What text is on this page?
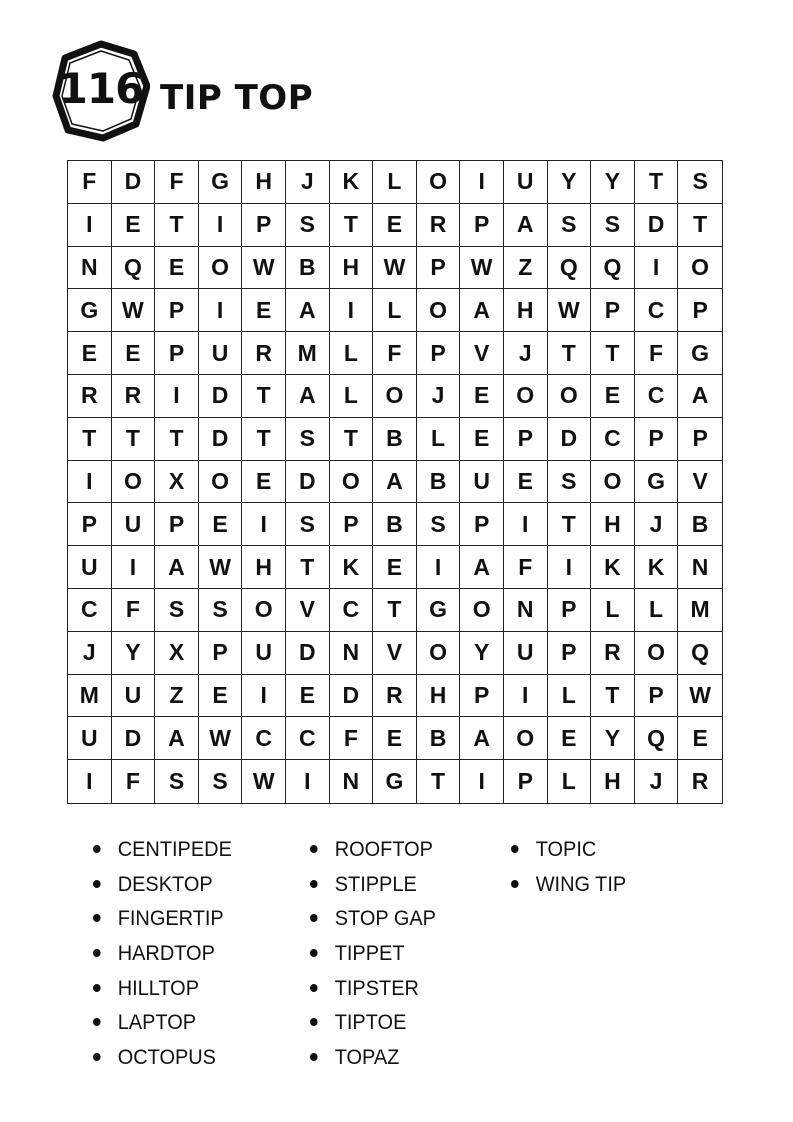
116 TIP TOP
F	D	F	G	H	J	K	L	O	I	U	Y	Y	T	S
I	E	T	I	P	S	T	E	R	P	A	S	S	D	T
N	Q	E	O	W	B	H	W	P	W	Z	Q	Q	I	O
G	W	P	I	E	A	I	L	O	A	H	W	P	C	P
E	E	P	U	R	M	L	F	P	V	J	T	T	F	G
R	R	I	D	T	A	L	O	J	E	O	O	E	C	A
T	T	T	D	T	S	T	B	L	E	P	D	C	P	P
I	O	X	O	E	D	O	A	B	U	E	S	O	G	V
P	U	P	E	I	S	P	B	S	P	I	T	H	J	B
U	I	A	W	H	T	K	E	I	A	F	I	K	K	N
C	F	S	S	O	V	C	T	G	O	N	P	L	L	M
J	Y	X	P	U	D	N	V	O	Y	U	P	R	O	Q
M	U	Z	E	I	E	D	R	H	P	I	L	T	P	W
U	D	A	W	C	C	F	E	B	A	O	E	Y	Q	E
I	F	S	S	W	I	N	G	T	I	P	L	H	J	R
CENTIPEDE
DESKTOP
FINGERTIP
HARDTOP
HILLTOP
LAPTOP
OCTOPUS
ROOFTOP
STIPPLE
STOP GAP
TIPPET
TIPSTER
TIPTOE
TOPAZ
TOPIC
WING TIP
